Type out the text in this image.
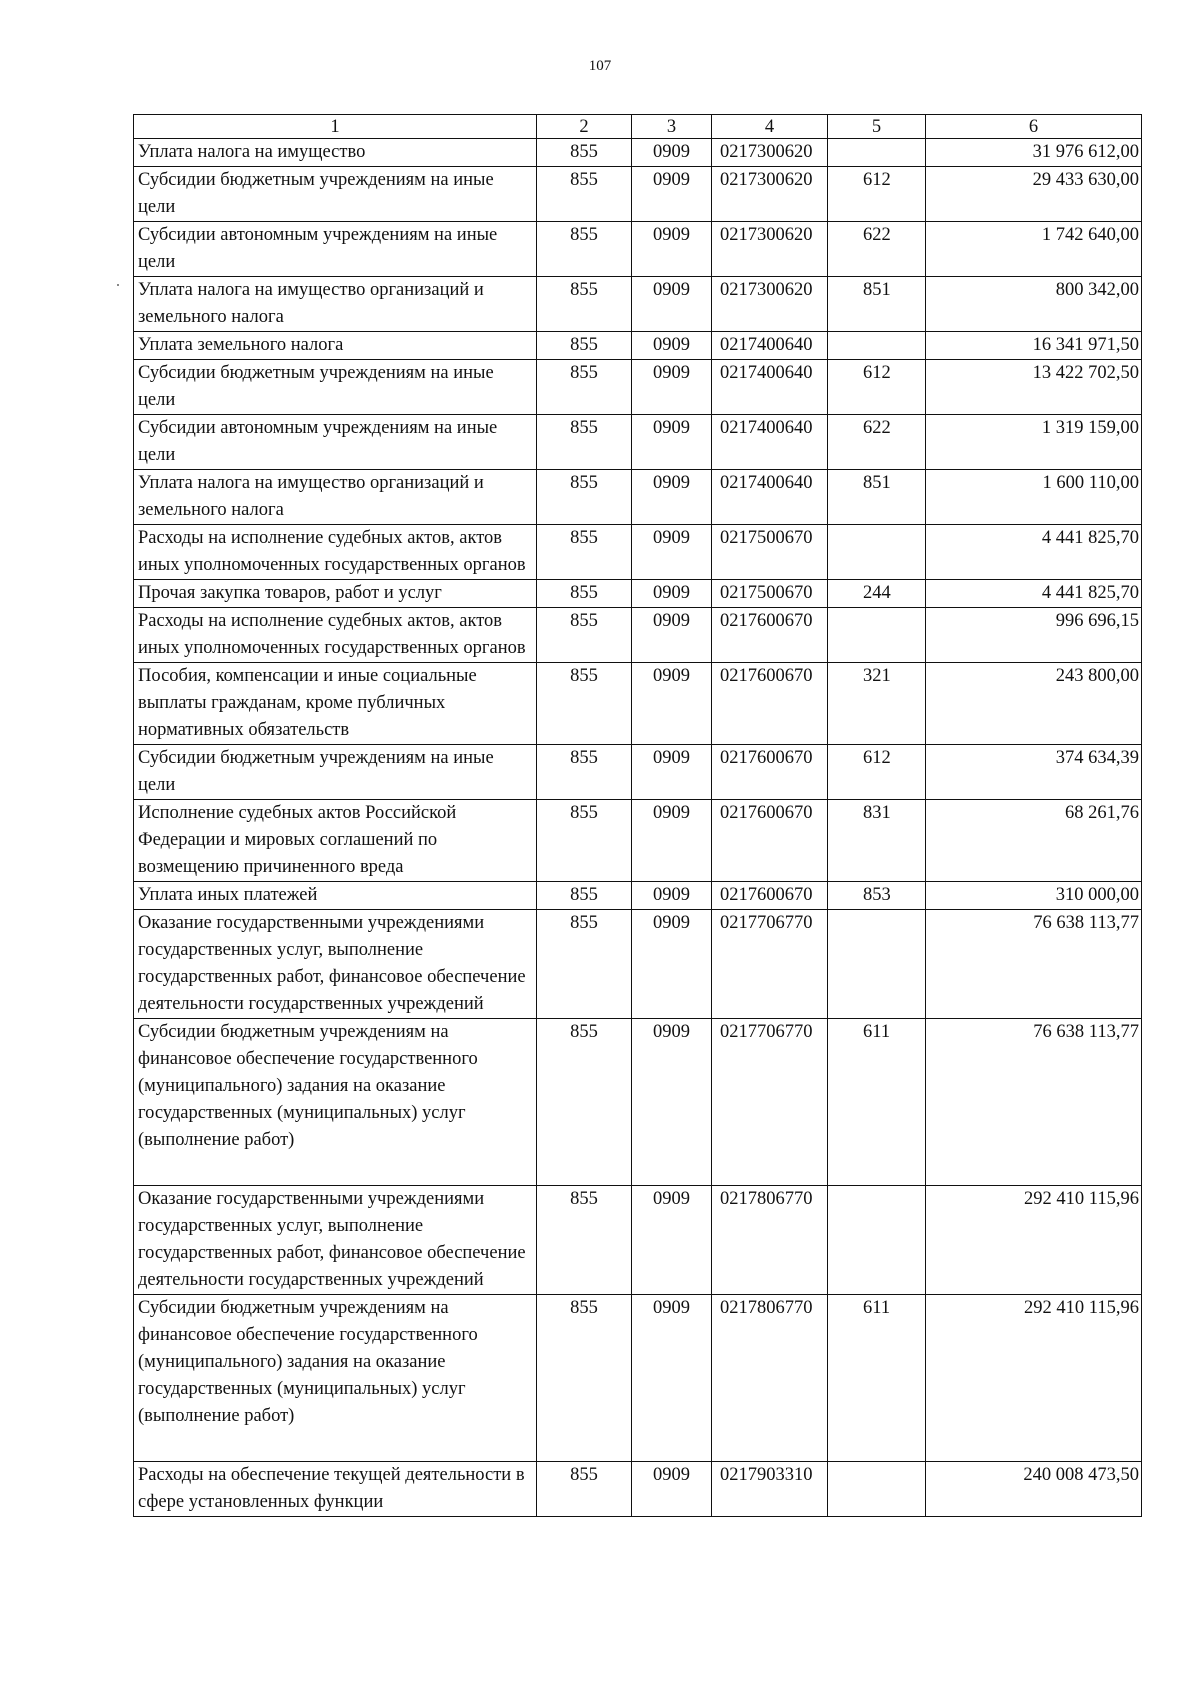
107
1	2	3	4	5	6
Уплата налога на имущество	855	0909	0217300620		31 976 612,00
Субсидии бюджетным учреждениям на иные цели	855	0909	0217300620	612	29 433 630,00
Субсидии автономным учреждениям на иные цели	855	0909	0217300620	622	1 742 640,00
Уплата налога на имущество организаций и земельного налога	855	0909	0217300620	851	800 342,00
Уплата земельного налога	855	0909	0217400640		16 341 971,50
Субсидии бюджетным учреждениям на иные цели	855	0909	0217400640	612	13 422 702,50
Субсидии автономным учреждениям на иные цели	855	0909	0217400640	622	1 319 159,00
Уплата налога на имущество организаций и земельного налога	855	0909	0217400640	851	1 600 110,00
Расходы на исполнение судебных актов, актов иных уполномоченных государственных органов	855	0909	0217500670		4 441 825,70
Прочая закупка товаров, работ и услуг	855	0909	0217500670	244	4 441 825,70
Расходы на исполнение судебных актов, актов иных уполномоченных государственных органов	855	0909	0217600670		996 696,15
Пособия, компенсации и иные социальные выплаты гражданам, кроме публичных нормативных обязательств	855	0909	0217600670	321	243 800,00
Субсидии бюджетным учреждениям на иные цели	855	0909	0217600670	612	374 634,39
Исполнение судебных актов Российской Федерации и мировых соглашений по возмещению причиненного вреда	855	0909	0217600670	831	68 261,76
Уплата иных платежей	855	0909	0217600670	853	310 000,00
Оказание государственными учреждениями государственных услуг, выполнение государственных работ, финансовое обеспечение деятельности государственных учреждений	855	0909	0217706770		76 638 113,77
Субсидии бюджетным учреждениям на финансовое обеспечение государственного (муниципального) задания на оказание государственных (муниципальных) услуг (выполнение работ)	855	0909	0217706770	611	76 638 113,77
Оказание государственными учреждениями государственных услуг, выполнение государственных работ, финансовое обеспечение деятельности государственных учреждений	855	0909	0217806770		292 410 115,96
Субсидии бюджетным учреждениям на финансовое обеспечение государственного (муниципального) задания на оказание государственных (муниципальных) услуг (выполнение работ)	855	0909	0217806770	611	292 410 115,96
Расходы на обеспечение текущей деятельности в сфере установленных функции	855	0909	0217903310		240 008 473,50
